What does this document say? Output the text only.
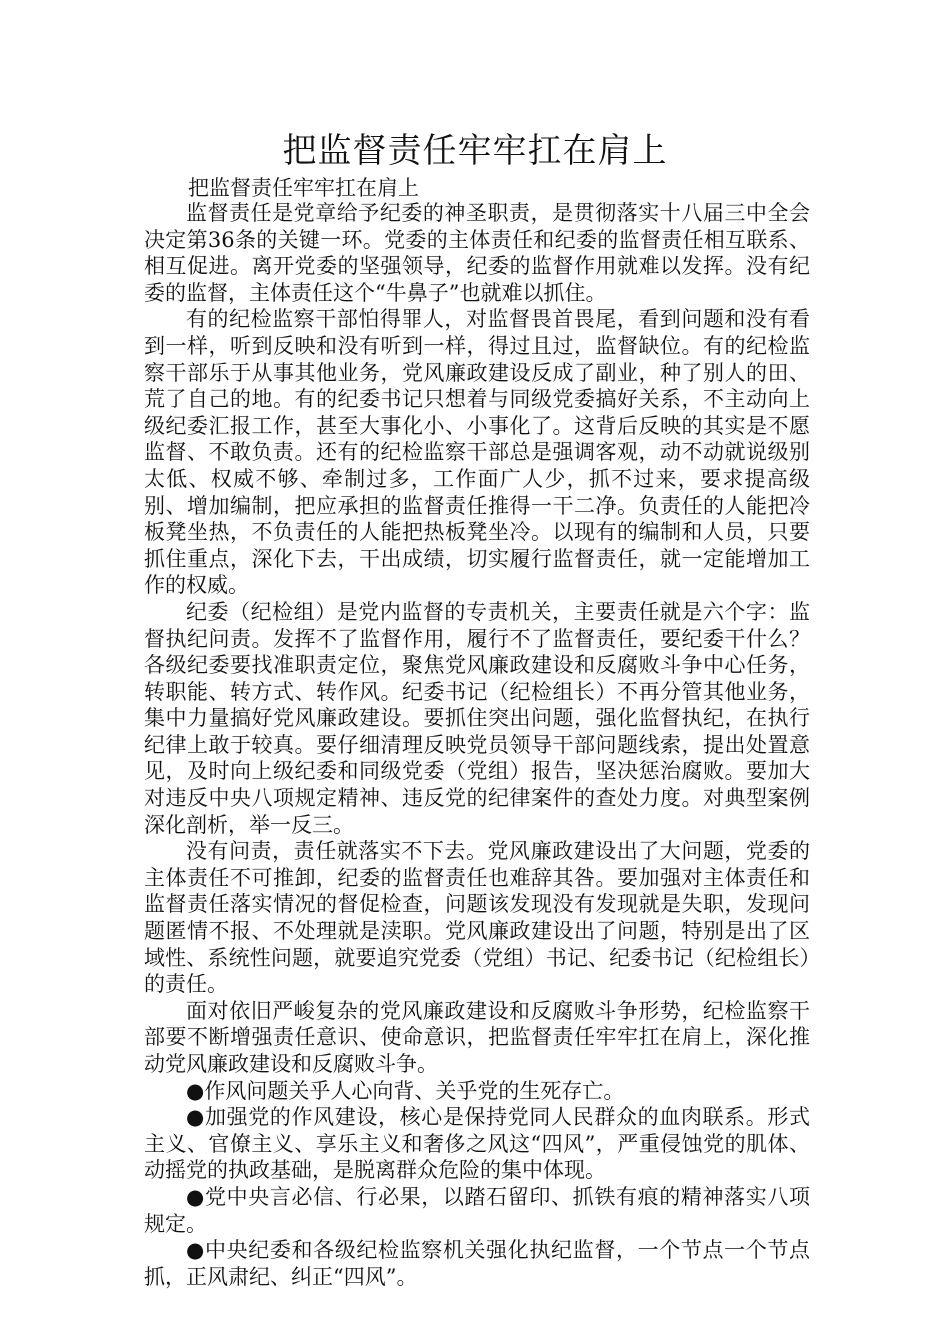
把监督责任牢牢扛在肩上
把监督责任牢牢扛在肩上

监督责任是党章给予纪委的神圣职责，是贯彻落实十八届三中全会决定第36条的关键一环。党委的主体责任和纪委的监督责任相互联系、相互促进。离开党委的坚强领导，纪委的监督作用就难以发挥。没有纪委的监督，主体责任这个“牛鼻子”也就难以抓住。

有的纪检监察干部怕得罪人，对监督畏首畏尾，看到问题和没有看到一样，听到反映和没有听到一样，得过且过，监督缺位。有的纪检监察干部乐于从事其他业务，党风廉政建设反成了副业，种了别人的田、荒了自己的地。有的纪委书记只想着与同级党委搞好关系，不主动向上级纪委汇报工作，甚至大事化小、小事化了。这背后反映的其实是不愿监督、不敢负责。还有的纪检监察干部总是强调客观，动不动就说级别太低、权威不够、牵制过多，工作面广人少，抓不过来，要求提高级别、增加编制，把应承担的监督责任推得一干二净。负责任的人能把冷板凳坐热，不负责任的人能把热板凳坐冷。以现有的编制和人员，只要抓住重点，深化下去，干出成绩，切实履行监督责任，就一定能增加工作的权威。

纪委（纪检组）是党内监督的专责机关，主要责任就是六个字：监督执纪问责。发挥不了监督作用，履行不了监督责任，要纪委干什么？各级纪委要找准职责定位，聚焦党风廉政建设和反腐败斗争中心任务，转职能、转方式、转作风。纪委书记（纪检组长）不再分管其他业务，集中力量搞好党风廉政建设。要抓住突出问题，强化监督执纪，在执行纪律上敢于较真。要仔细清理反映党员领导干部问题线索，提出处置意见，及时向上级纪委和同级党委（党组）报告，坚决惩治腐败。要加大对违反中央八项规定精神、违反党的纪律案件的查处力度。对典型案例深化剖析，举一反三。

没有问责，责任就落实不下去。党风廉政建设出了大问题，党委的主体责任不可推卸，纪委的监督责任也难辞其咎。要加强对主体责任和监督责任落实情况的督促检查，问题该发现没有发现就是失职，发现问题匿情不报、不处理就是渎职。党风廉政建设出了问题，特别是出了区域性、系统性问题，就要追究党委（党组）书记、纪委书记（纪检组长）的责任。

面对依旧严峻复杂的党风廉政建设和反腐败斗争形势，纪检监察干部要不断增强责任意识、使命意识，把监督责任牢牢扛在肩上，深化推动党风廉政建设和反腐败斗争。

●作风问题关乎人心向背、关乎党的生死存亡。

●加强党的作风建设，核心是保持党同人民群众的血肉联系。形式主义、官僚主义、享乐主义和奢侈之风这“四风”，严重侵蚀党的肌体、动摇党的执政基础，是脱离群众危险的集中体现。

●党中央言必信、行必果，以踏石留印、抓铁有痕的精神落实八项规定。

●中央纪委和各级纪检监察机关强化执纪监督，一个节点一个节点抓，正风肃纪、纠正“四风”。
